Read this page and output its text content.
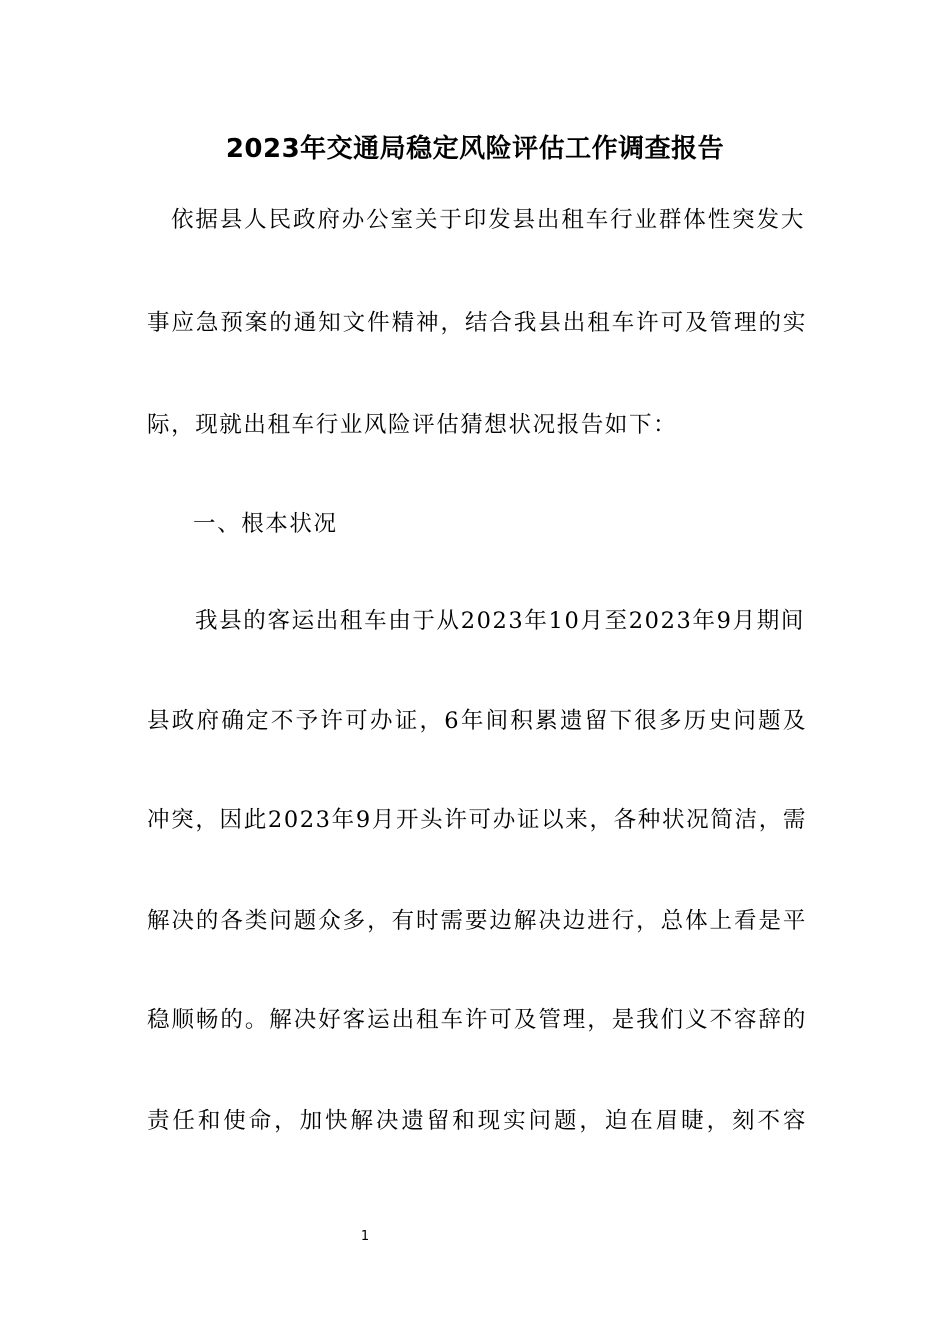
2023年交通局稳定风险评估工作调查报告

依据县人民政府办公室关于印发县出租车行业群体性突发大

事应急预案的通知文件精神，结合我县出租车许可及管理的实

际，现就出租车行业风险评估猜想状况报告如下：

一、根本状况

我县的客运出租车由于从2023年10月至2023年9月期间

县政府确定不予许可办证，6年间积累遗留下很多历史问题及

冲突，因此2023年9月开头许可办证以来，各种状况简洁，需

解决的各类问题众多，有时需要边解决边进行，总体上看是平

稳顺畅的。解决好客运出租车许可及管理，是我们义不容辞的

责任和使命，加快解决遗留和现实问题，迫在眉睫，刻不容

1
